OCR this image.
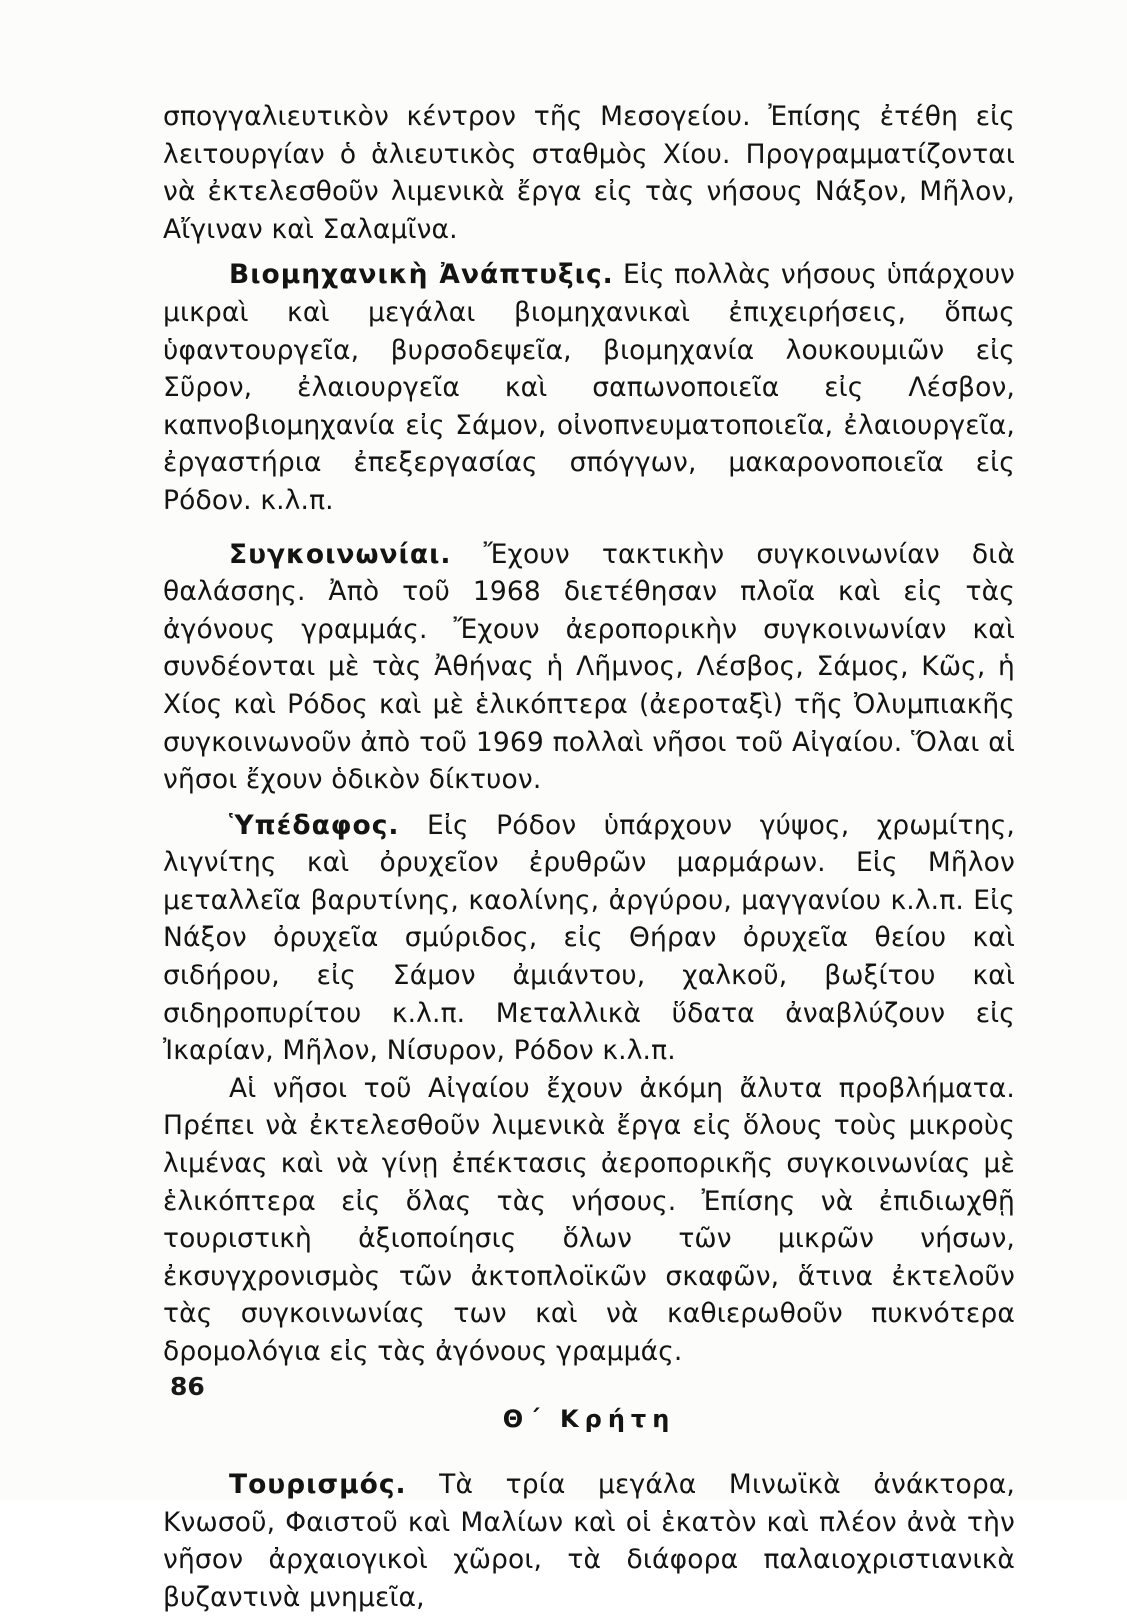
σπογγαλιευτικὸν κέντρον τῆς Μεσογείου. Ἐπίσης ἐτέθη εἰς λειτουργίαν ὁ ἁλιευτικὸς σταθμὸς Χίου. Προγραμματίζονται νὰ ἐκτελεσθοῦν λιμενικὰ ἔργα εἰς τὰς νήσους Νάξον, Μῆλον, Αἴγιναν καὶ Σαλαμῖνα.

Βιομηχανικὴ Ἀνάπτυξις. Εἰς πολλὰς νήσους ὑπάρχουν μικραὶ καὶ μεγάλαι βιομηχανικαὶ ἐπιχειρήσεις, ὅπως ὑφαντουργεῖα, βυρσοδεψεῖα, βιομηχανία λουκουμιῶν εἰς Σῦρον, ἐλαιουργεῖα καὶ σαπωνοποιεῖα εἰς Λέσβον, καπνοβιομηχανία εἰς Σάμον, οἰνοπνευματοποιεῖα, ἐλαιουργεῖα, ἐργαστήρια ἐπεξεργασίας σπόγγων, μακαρονοποιεῖα εἰς Ρόδον. κ.λ.π.

Συγκοινωνίαι. Ἔχουν τακτικὴν συγκοινωνίαν διὰ θαλάσσης. Ἀπὸ τοῦ 1968 διετέθησαν πλοῖα καὶ εἰς τὰς ἀγόνους γραμμάς. Ἔχουν ἀεροπορικὴν συγκοινωνίαν καὶ συνδέονται μὲ τὰς Ἀθήνας ἡ Λῆμνος, Λέσβος, Σάμος, Κῶς, ἡ Χίος καὶ Ρόδος καὶ μὲ ἑλικόπτερα (ἀεροταξὶ) τῆς Ὀλυμπιακῆς συγκοινωνοῦν ἀπὸ τοῦ 1969 πολλαὶ νῆσοι τοῦ Αἰγαίου. Ὅλαι αἱ νῆσοι ἔχουν ὁδικὸν δίκτυον.

Ὑπέδαφος. Εἰς Ρόδον ὑπάρχουν γύψος, χρωμίτης, λιγνίτης καὶ ὀρυχεῖον ἐρυθρῶν μαρμάρων. Εἰς Μῆλον μεταλλεῖα βαρυτίνης, καολίνης, ἀργύρου, μαγγανίου κ.λ.π. Εἰς Νάξον ὀρυχεῖα σμύριδος, εἰς Θήραν ὀρυχεῖα θείου καὶ σιδήρου, εἰς Σάμον ἀμιάντου, χαλκοῦ, βωξίτου καὶ σιδηροπυρίτου κ.λ.π. Μεταλλικὰ ὕδατα ἀναβλύζουν εἰς Ἰκαρίαν, Μῆλον, Νίσυρον, Ρόδον κ.λ.π.

Αἱ νῆσοι τοῦ Αἰγαίου ἔχουν ἀκόμη ἄλυτα προβλήματα. Πρέπει νὰ ἐκτελεσθοῦν λιμενικὰ ἔργα εἰς ὅλους τοὺς μικροὺς λιμένας καὶ νὰ γίνῃ ἐπέκτασις ἀεροπορικῆς συγκοινωνίας μὲ ἑλικόπτερα εἰς ὅλας τὰς νήσους. Ἐπίσης νὰ ἐπιδιωχθῇ τουριστικὴ ἀξιοποίησις ὅλων τῶν μικρῶν νήσων, ἐκσυγχρονισμὸς τῶν ἀκτοπλοϊκῶν σκαφῶν, ἅτινα ἐκτελοῦν τὰς συγκοινωνίας των καὶ νὰ καθιερωθοῦν πυκνότερα δρομολόγια εἰς τὰς ἀγόνους γραμμάς.

Θ΄ Κρήτη

Τουρισμός. Τὰ τρία μεγάλα Μινωϊκὰ ἀνάκτορα, Κνωσοῦ, Φαιστοῦ καὶ Μαλίων καὶ οἱ ἑκατὸν καὶ πλέον ἀνὰ τὴν νῆσον ἀρχαιογικοὶ χῶροι, τὰ διάφορα παλαιοχριστιανικὰ βυζαντινὰ μνημεῖα,

86
